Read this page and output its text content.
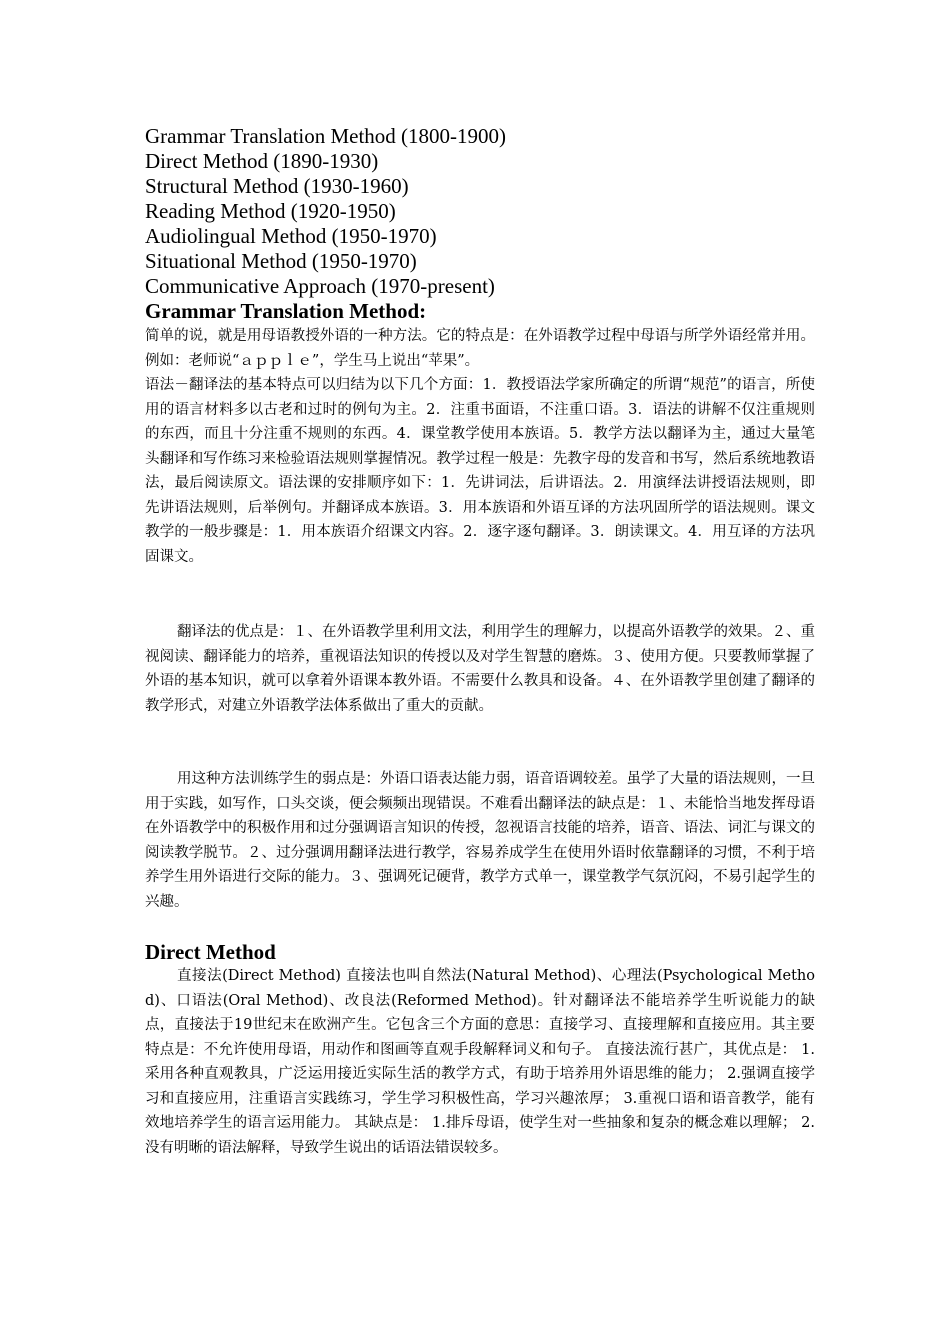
Grammar Translation Method (1800-1900)
Direct Method (1890-1930)
Structural Method (1930-1960)
Reading Method (1920-1950)
Audiolingual Method (1950-1970)
Situational Method (1950-1970)
Communicative Approach (1970-present)
Grammar Translation Method:
简单的说，就是用母语教授外语的一种方法。它的特点是：在外语教学过程中母语与所学外语经常并用。例如：老师说“ａｐｐｌｅ”，学生马上说出“苹果”。
语法－翻译法的基本特点可以归结为以下几个方面：1．教授语法学家所确定的所谓“规范”的语言，所使用的语言材料多以古老和过时的例句为主。2．注重书面语，不注重口语。3．语法的讲解不仅注重规则的东西，而且十分注重不规则的东西。4．课堂教学使用本族语。5．教学方法以翻译为主，通过大量笔头翻译和写作练习来检验语法规则掌握情况。教学过程一般是：先教字母的发音和书写，然后系统地教语法，最后阅读原文。语法课的安排顺序如下：1．先讲词法，后讲语法。2．用演绎法讲授语法规则，即先讲语法规则，后举例句。并翻译成本族语。3．用本族语和外语互译的方法巩固所学的语法规则。课文教学的一般步骤是：1．用本族语介绍课文内容。2．逐字逐句翻译。3．朗读课文。4．用互译的方法巩固课文。
翻译法的优点是：１、在外语教学里利用文法，利用学生的理解力，以提高外语教学的效果。２、重视阅读、翻译能力的培养，重视语法知识的传授以及对学生智慧的磨炼。３、使用方便。只要教师掌握了外语的基本知识，就可以拿着外语课本教外语。不需要什么教具和设备。４、在外语教学里创建了翻译的教学形式，对建立外语教学法体系做出了重大的贡献。
用这种方法训练学生的弱点是：外语口语表达能力弱，语音语调较差。虽学了大量的语法规则，一旦用于实践，如写作，口头交谈，便会频频出现错误。不难看出翻译法的缺点是：１、未能恰当地发挥母语在外语教学中的积极作用和过分强调语言知识的传授，忽视语言技能的培养，语音、语法、词汇与课文的阅读教学脱节。２、过分强调用翻译法进行教学，容易养成学生在使用外语时依靠翻译的习惯，不利于培养学生用外语进行交际的能力。３、强调死记硬背，教学方式单一，课堂教学气氛沉闷，不易引起学生的兴趣。
Direct Method
直接法(Direct Method) 直接法也叫自然法(Natural Method)、心理法(Psychological Method)、口语法(Oral Method)、改良法(Reformed Method)。针对翻译法不能培养学生听说能力的缺点，直接法于19世纪末在欧洲产生。它包含三个方面的意思：直接学习、直接理解和直接应用。其主要特点是：不允许使用母语，用动作和图画等直观手段解释词义和句子。 直接法流行甚广，其优点是： 1.采用各种直观教具，广泛运用接近实际生活的教学方式，有助于培养用外语思维的能力； 2.强调直接学习和直接应用，注重语言实践练习，学生学习积极性高，学习兴趣浓厚； 3.重视口语和语音教学，能有效地培养学生的语言运用能力。 其缺点是： 1.排斥母语，使学生对一些抽象和复杂的概念难以理解； 2.没有明晰的语法解释，导致学生说出的话语法错误较多。
